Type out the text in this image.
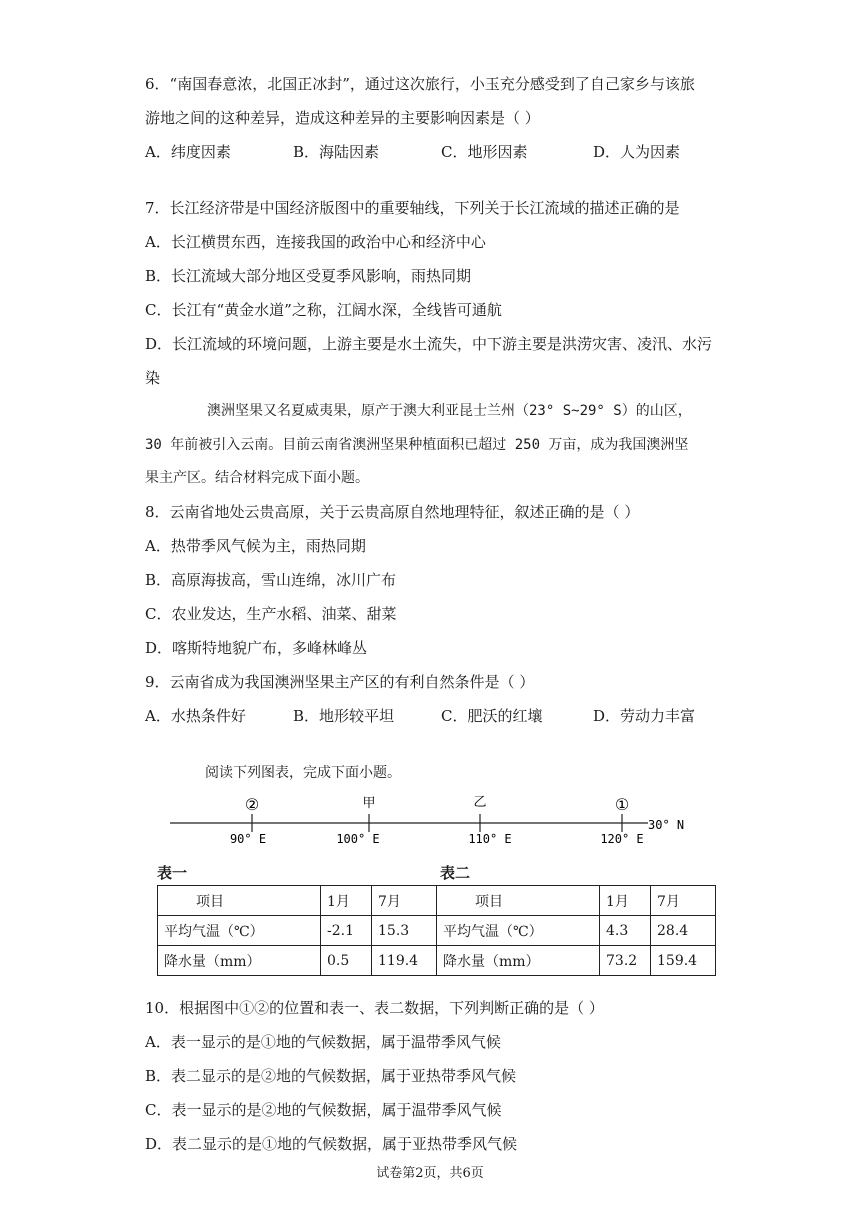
6．“南国春意浓，北国正冰封”，通过这次旅行，小玉充分感受到了自己家乡与该旅
游地之间的这种差异，造成这种差异的主要影响因素是（ ）
A．纬度因素	B．海陆因素	C．地形因素	D．人为因素
7．长江经济带是中国经济版图中的重要轴线，下列关于长江流域的描述正确的是
A．长江横贯东西，连接我国的政治中心和经济中心
B．长江流域大部分地区受夏季风影响，雨热同期
C．长江有“黄金水道”之称，江阔水深，全线皆可通航
D．长江流域的环境问题，上游主要是水土流失，中下游主要是洪涝灾害、凌汛、水污
染
澳洲坚果又名夏威夷果，原产于澳大利亚昆士兰州（23° S~29° S）的山区，
30 年前被引入云南。目前云南省澳洲坚果种植面积已超过 250 万亩，成为我国澳洲坚
果主产区。结合材料完成下面小题。
8．云南省地处云贵高原，关于云贵高原自然地理特征，叙述正确的是（ ）
A．热带季风气候为主，雨热同期
B．高原海拔高，雪山连绵，冰川广布
C．农业发达，生产水稻、油菜、甜菜
D．喀斯特地貌广布，多峰林峰丛
9．云南省成为我国澳洲坚果主产区的有利自然条件是（ ）
A．水热条件好	B．地形较平坦	C．肥沃的红壤	D．劳动力丰富
阅读下列图表，完成下面小题。
②	甲	乙	①
90° E	100° E	110° E	120° E
30° N
表一
项目	1月	7月
平均气温（℃）	-2.1	15.3
降水量（mm）	0.5	119.4
表二
项目	1月	7月
平均气温（℃）	4.3	28.4
降水量（mm）	73.2	159.4
10．根据图中①②的位置和表一、表二数据，下列判断正确的是（ ）
A．表一显示的是①地的气候数据，属于温带季风气候
B．表二显示的是②地的气候数据，属于亚热带季风气候
C．表一显示的是②地的气候数据，属于温带季风气候
D．表二显示的是①地的气候数据，属于亚热带季风气候
试卷第2页，共6页
